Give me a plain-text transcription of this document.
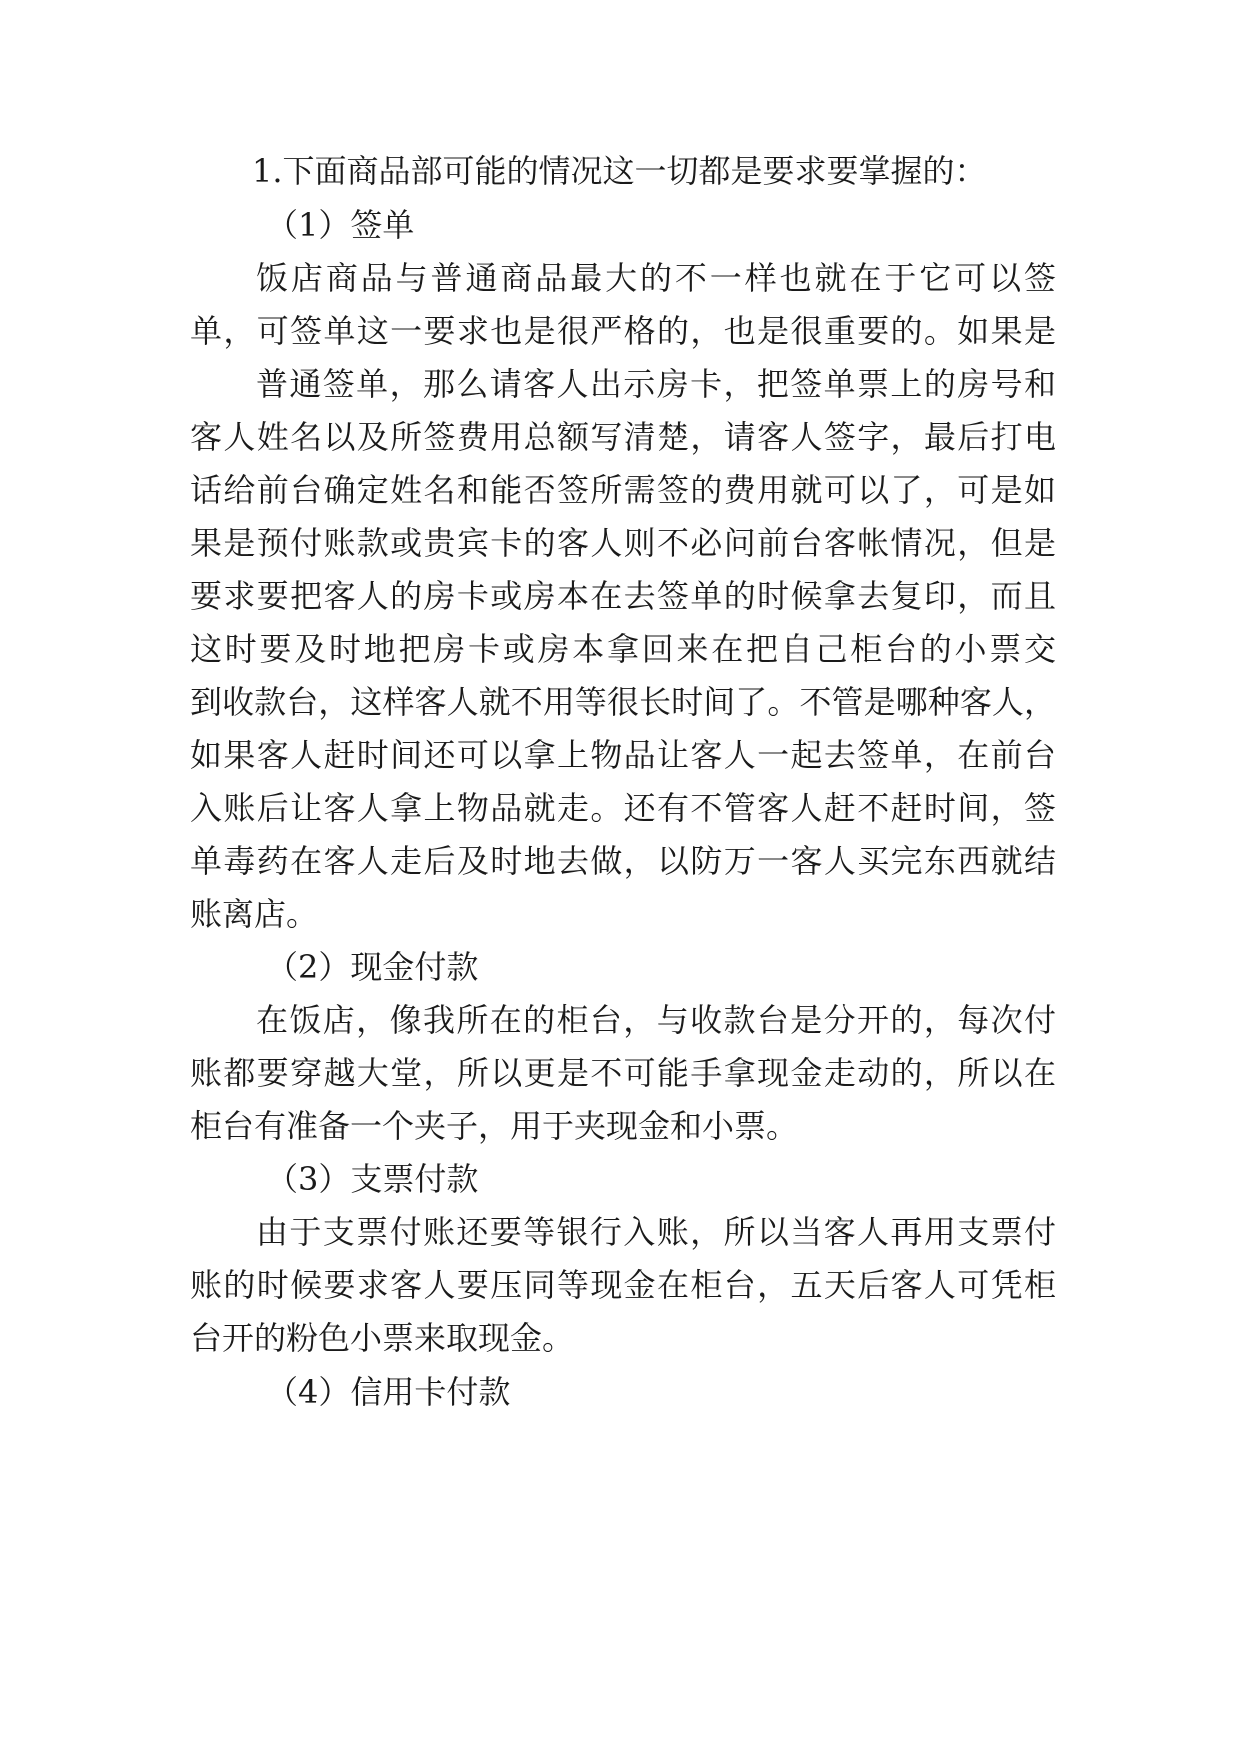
1.下面商品部可能的情况这一切都是要求要掌握的：
（1）签单
饭店商品与普通商品最大的不一样也就在于它可以签
单，可签单这一要求也是很严格的，也是很重要的。如果是
普通签单，那么请客人出示房卡，把签单票上的房号和
客人姓名以及所签费用总额写清楚，请客人签字，最后打电
话给前台确定姓名和能否签所需签的费用就可以了，可是如
果是预付账款或贵宾卡的客人则不必问前台客帐情况，但是
要求要把客人的房卡或房本在去签单的时候拿去复印，而且
这时要及时地把房卡或房本拿回来在把自己柜台的小票交
到收款台，这样客人就不用等很长时间了。不管是哪种客人，
如果客人赶时间还可以拿上物品让客人一起去签单，在前台
入账后让客人拿上物品就走。还有不管客人赶不赶时间，签
单毒药在客人走后及时地去做，以防万一客人买完东西就结
账离店。
（2）现金付款
在饭店，像我所在的柜台，与收款台是分开的，每次付
账都要穿越大堂，所以更是不可能手拿现金走动的，所以在
柜台有准备一个夹子，用于夹现金和小票。
（3）支票付款
由于支票付账还要等银行入账，所以当客人再用支票付
账的时候要求客人要压同等现金在柜台，五天后客人可凭柜
台开的粉色小票来取现金。
（4）信用卡付款
